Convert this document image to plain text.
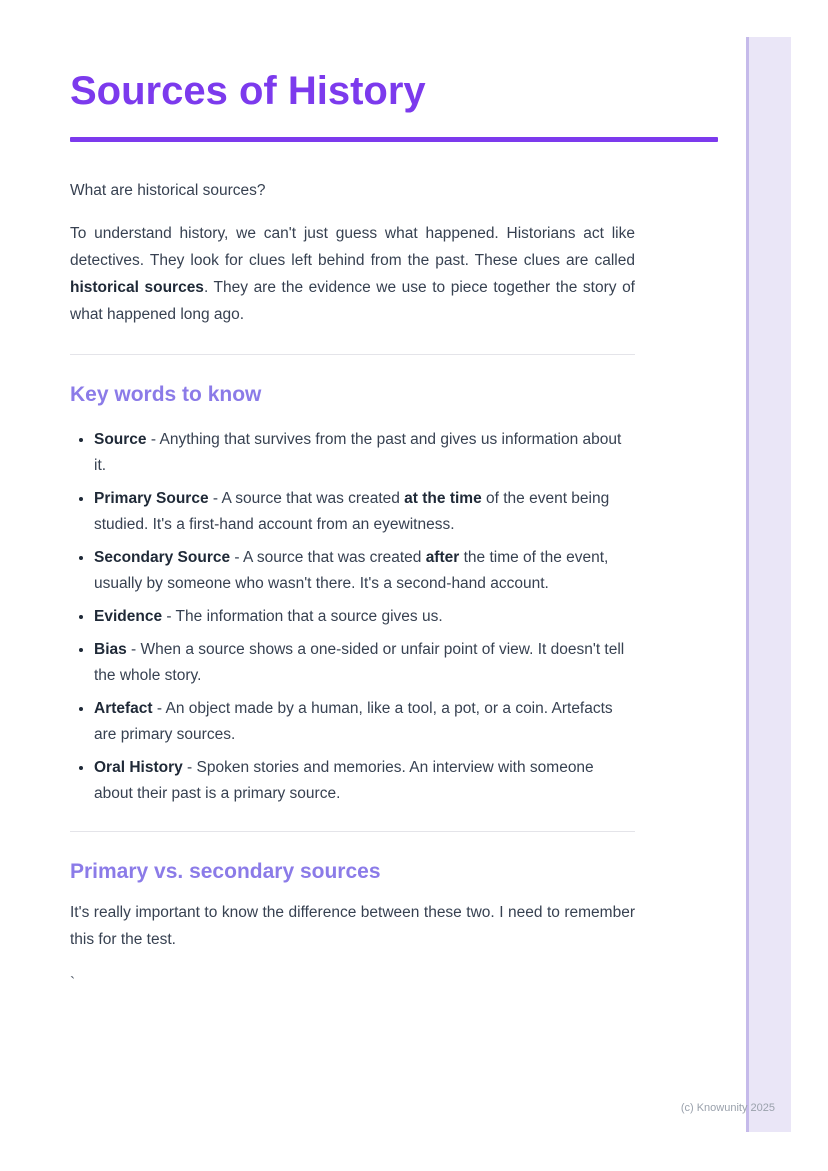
Sources of History

What are historical sources?

To understand history, we can't just guess what happened. Historians act like detectives. They look for clues left behind from the past. These clues are called historical sources. They are the evidence we use to piece together the story of what happened long ago.

Key words to know
• Source - Anything that survives from the past and gives us information about it.
• Primary Source - A source that was created at the time of the event being studied. It's a first-hand account from an eyewitness.
• Secondary Source - A source that was created after the time of the event, usually by someone who wasn't there. It's a second-hand account.
• Evidence - The information that a source gives us.
• Bias - When a source shows a one-sided or unfair point of view. It doesn't tell the whole story.
• Artefact - An object made by a human, like a tool, a pot, or a coin. Artefacts are primary sources.
• Oral History - Spoken stories and memories. An interview with someone about their past is a primary source.
Primary vs. secondary sources

It's really important to know the difference between these two. I need to remember this for the test.

`

(c) Knowunity 2025
